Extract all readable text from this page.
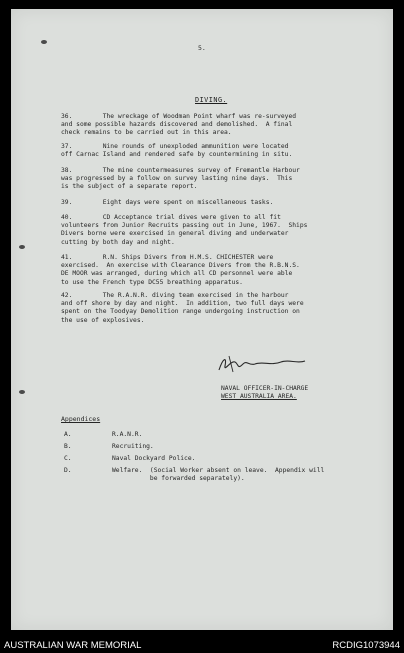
5.
DIVING.
36.        The wreckage of Woodman Point wharf was re-surveyed
and some possible hazards discovered and demolished.  A final
check remains to be carried out in this area.
37.        Nine rounds of unexploded ammunition were located
off Carnac Island and rendered safe by countermining in situ.
38.        The mine countermeasures survey of Fremantle Harbour
was progressed by a follow on survey lasting nine days.  This
is the subject of a separate report.
39.        Eight days were spent on miscellaneous tasks.
40.        CD Acceptance trial dives were given to all fit
volunteers from Junior Recruits passing out in June, 1967.  Ships
Divers borne were exercised in general diving and underwater
cutting by both day and night.
41.        R.N. Ships Divers from H.M.S. CHICHESTER were
exercised.  An exercise with Clearance Divers from the R.B.N.S.
DE MOOR was arranged, during which all CD personnel were able
to use the French type DC55 breathing apparatus.
42.        The R.A.N.R. diving team exercised in the harbour
and off shore by day and night.  In addition, two full days were
spent on the Toodyay Demolition range undergoing instruction on
the use of explosives.
NAVAL OFFICER-IN-CHARGE
WEST AUSTRALIA AREA.
Appendices
A.	R.A.N.R.
B.	Recruiting.
C.	Naval Dockyard Police.
D.	Welfare.  (Social Worker absent on leave.  Appendix will
be forwarded separately).
AUSTRALIAN WAR MEMORIAL	RCDIG1073944
